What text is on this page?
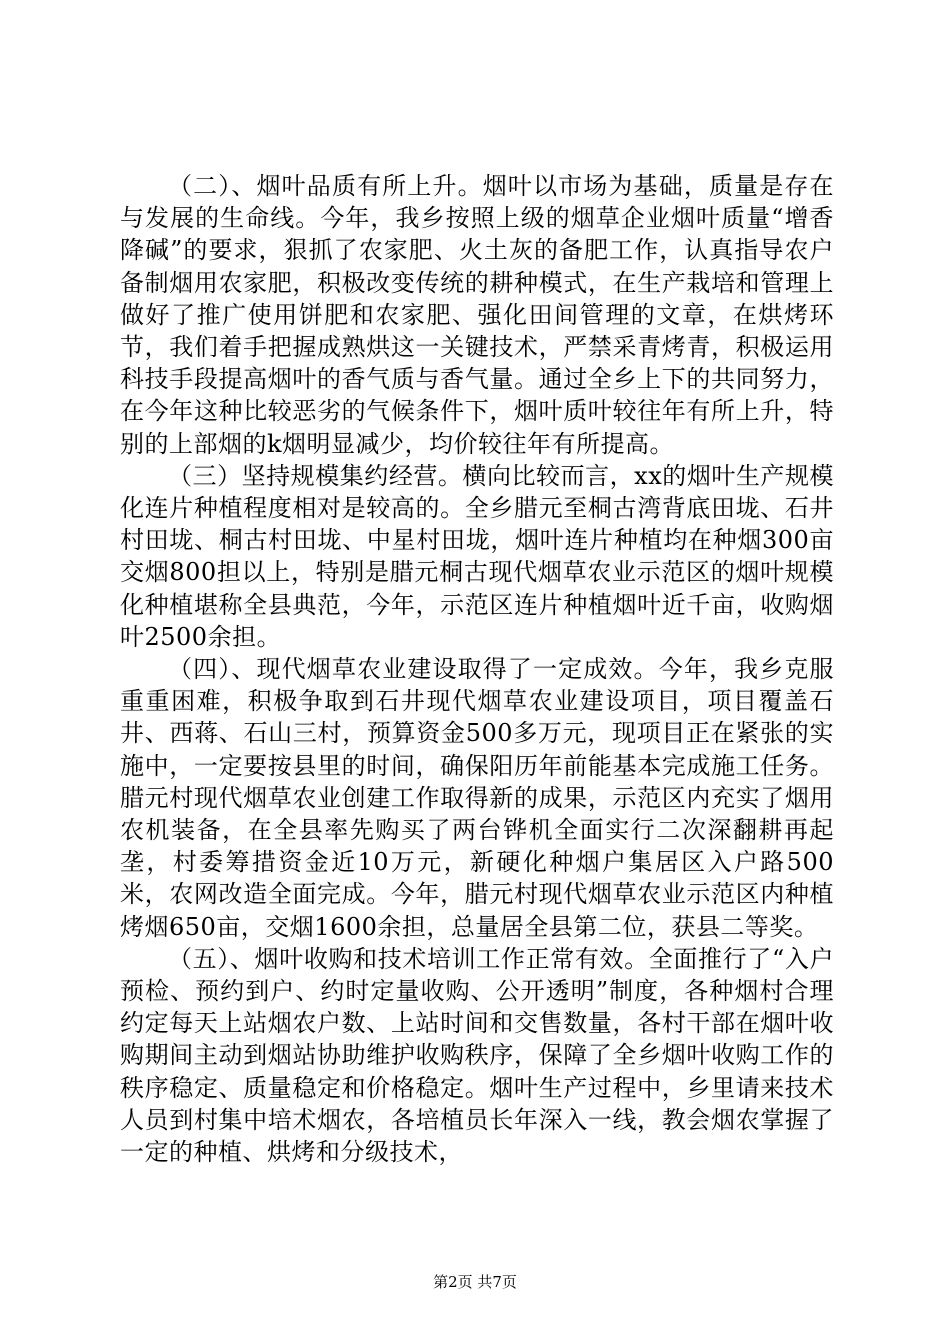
（二）、烟叶品质有所上升。烟叶以市场为基础，质量是存在与发展的生命线。今年，我乡按照上级的烟草企业烟叶质量“增香降碱”的要求，狠抓了农家肥、火土灰的备肥工作，认真指导农户备制烟用农家肥，积极改变传统的耕种模式，在生产栽培和管理上做好了推广使用饼肥和农家肥、强化田间管理的文章，在烘烤环节，我们着手把握成熟烘这一关键技术，严禁采青烤青，积极运用科技手段提高烟叶的香气质与香气量。通过全乡上下的共同努力，在今年这种比较恶劣的气候条件下，烟叶质叶较往年有所上升，特别的上部烟的k烟明显减少，均价较往年有所提高。

（三）坚持规模集约经营。横向比较而言，xx的烟叶生产规模化连片种植程度相对是较高的。全乡腊元至桐古湾背底田垅、石井村田垅、桐古村田垅、中星村田垅，烟叶连片种植均在种烟300亩交烟800担以上，特别是腊元桐古现代烟草农业示范区的烟叶规模化种植堪称全县典范，今年，示范区连片种植烟叶近千亩，收购烟叶2500余担。

（四）、现代烟草农业建设取得了一定成效。今年，我乡克服重重困难，积极争取到石井现代烟草农业建设项目，项目覆盖石井、西蒋、石山三村，预算资金500多万元，现项目正在紧张的实施中，一定要按县里的时间，确保阳历年前能基本完成施工任务。腊元村现代烟草农业创建工作取得新的成果，示范区内充实了烟用农机装备，在全县率先购买了两台铧机全面实行二次深翻耕再起垄，村委筹措资金近10万元，新硬化种烟户集居区入户路500米，农网改造全面完成。今年，腊元村现代烟草农业示范区内种植烤烟650亩，交烟1600余担，总量居全县第二位，获县二等奖。

（五）、烟叶收购和技术培训工作正常有效。全面推行了“入户预检、预约到户、约时定量收购、公开透明”制度，各种烟村合理约定每天上站烟农户数、上站时间和交售数量，各村干部在烟叶收购期间主动到烟站协助维护收购秩序，保障了全乡烟叶收购工作的秩序稳定、质量稳定和价格稳定。烟叶生产过程中，乡里请来技术人员到村集中培术烟农，各培植员长年深入一线，教会烟农掌握了一定的种植、烘烤和分级技术，

第2页 共7页
